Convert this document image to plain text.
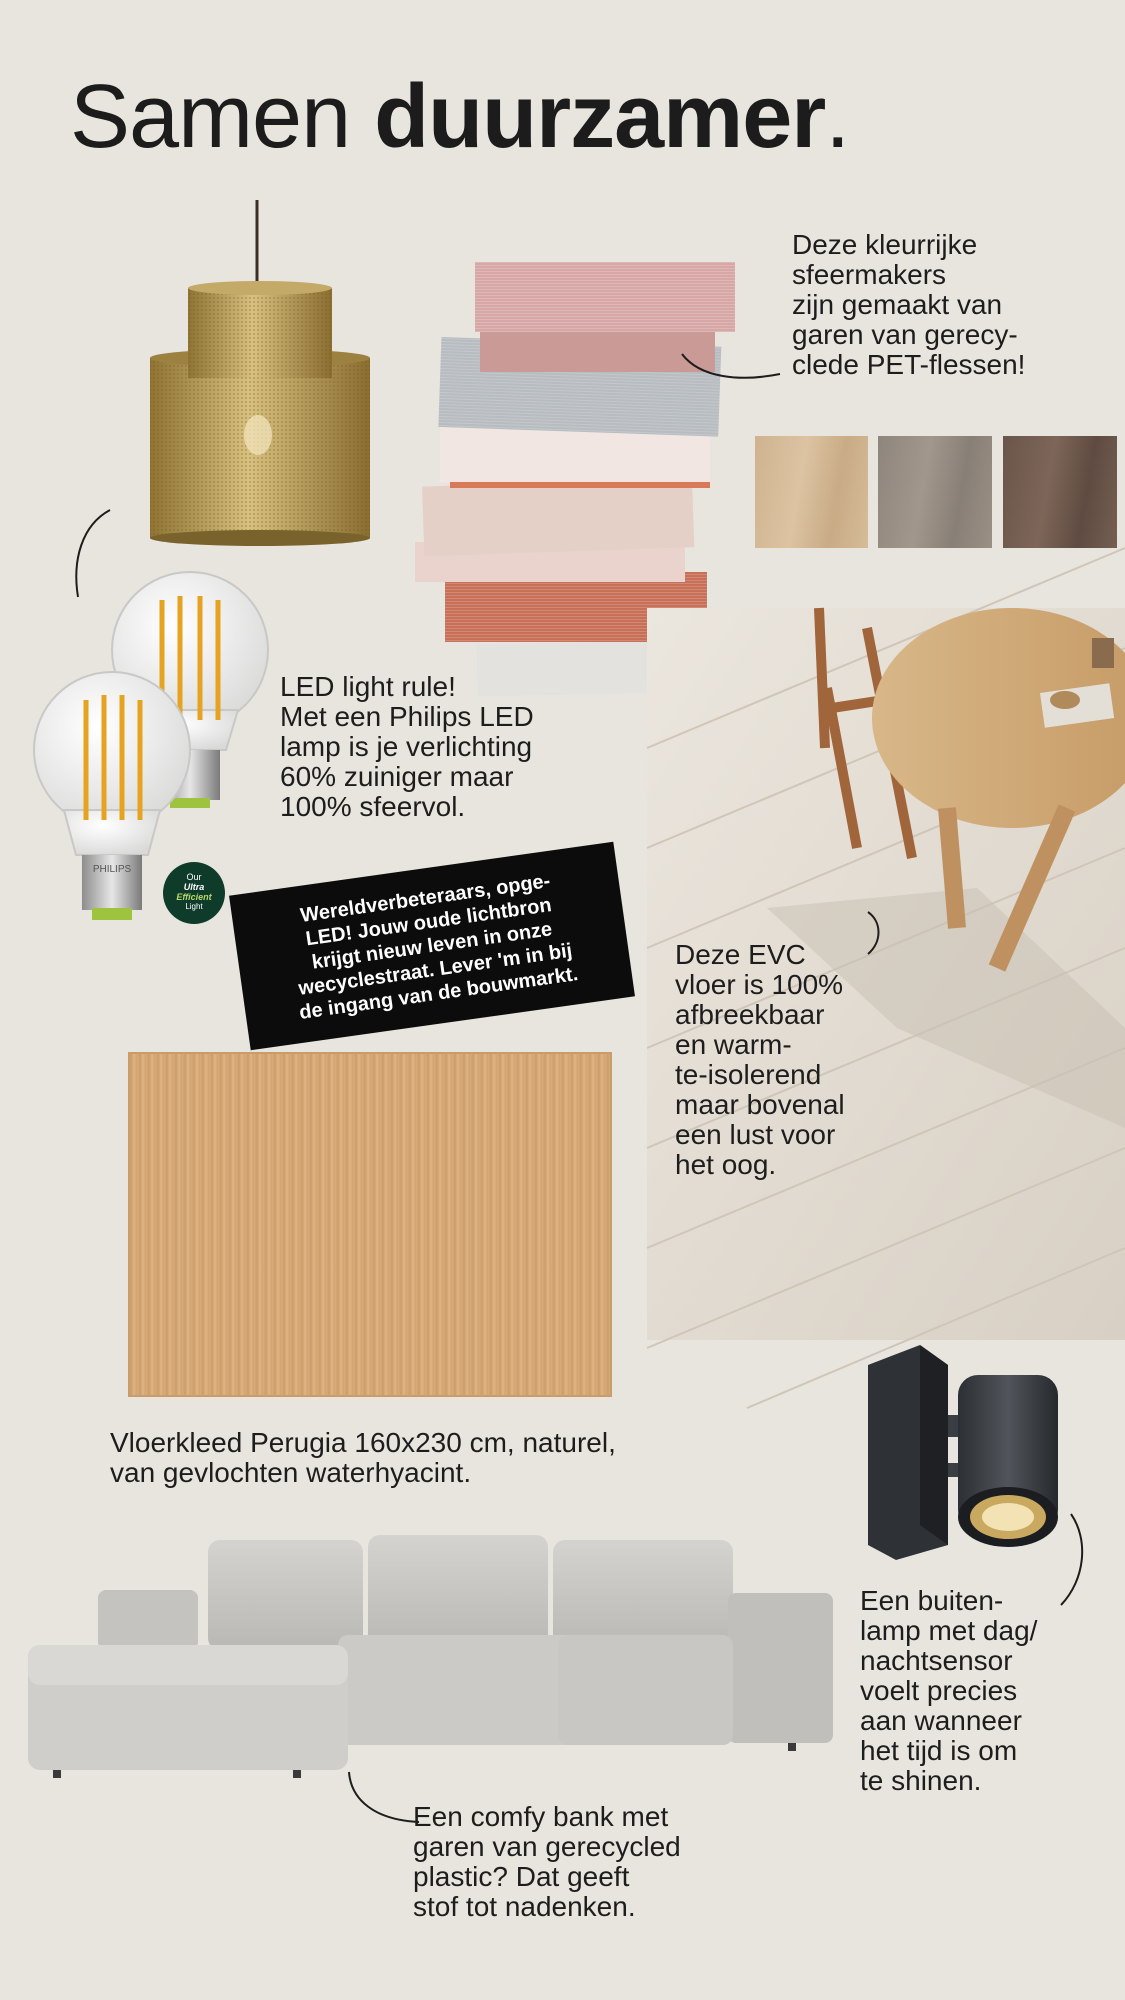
Samen duurzamer.
PHILIPS
Our
Ultra
Efficient
Light
Deze kleurrijke
sfeermakers
zijn gemaakt van
garen van gerecy-
clede PET-flessen!
LED light rule!
Met een Philips LED
lamp is je verlichting
60% zuiniger maar
100% sfeervol.
Deze EVC
vloer is 100%
afbreekbaar
en warm-
te-isolerend
maar bovenal
een lust voor
het oog.
Wereldverbeteraars, opge-
LED! Jouw oude lichtbron
krijgt nieuw leven in onze
wecyclestraat. Lever 'm in bij
de ingang van de bouwmarkt.
Vloerkleed Perugia 160x230 cm, naturel,
van gevlochten waterhyacint.
Een buiten-
lamp met dag/
nachtsensor
voelt precies
aan wanneer
het tijd is om
te shinen.
Een comfy bank met
garen van gerecycled
plastic? Dat geeft
stof tot nadenken.
